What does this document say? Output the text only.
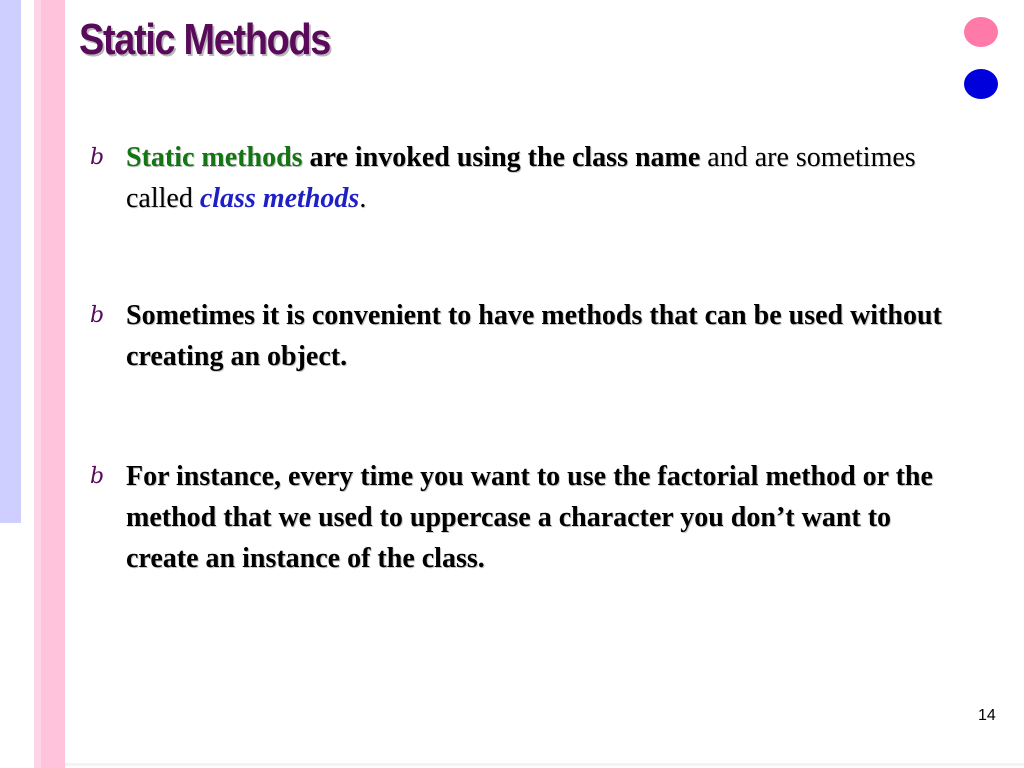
Static Methods
b Static methods are invoked using the class name and are sometimes called class methods.
b Sometimes it is convenient to have methods that can be used without creating an object.
b For instance, every time you want to use the factorial method or the method that we used to uppercase a character you don’t want to create an instance of the class.
14
